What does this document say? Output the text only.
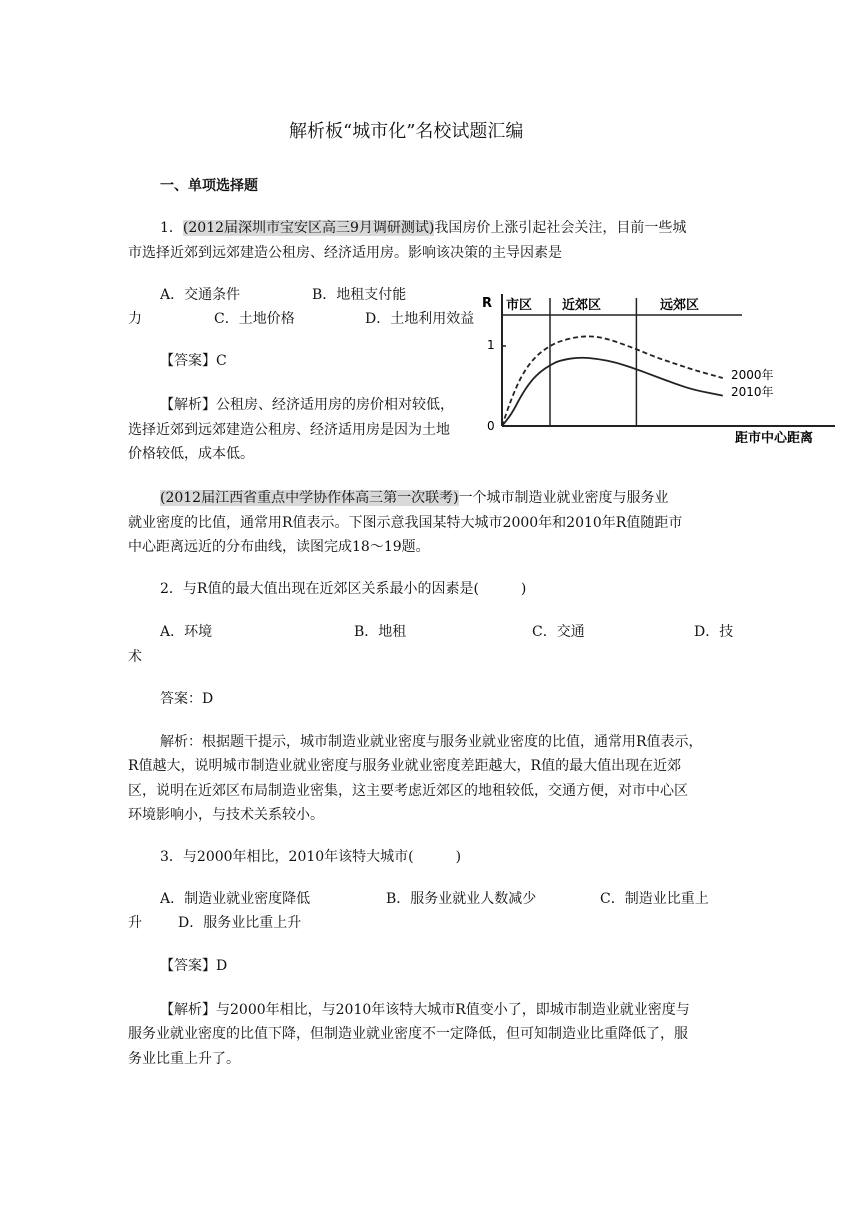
解析板“城市化”名校试题汇编
一、单项选择题
1．(2012届深圳市宝安区高三9月调研测试)我国房价上涨引起社会关注，目前一些城
市选择近郊到远郊建造公租房、经济适用房。影响该决策的主导因素是
A．交通条件	B．地租支付能
力	C．土地价格	D．土地利用效益
【答案】C
【解析】公租房、经济适用房的房价相对较低，
选择近郊到远郊建造公租房、经济适用房是因为土地
价格较低，成本低。
R 市区 近郊区	远郊区
1
0
距市中心距离
2000年
2010年
(2012届江西省重点中学协作体高三第一次联考)一个城市制造业就业密度与服务业
就业密度的比值，通常用R值表示。下图示意我国某特大城市2000年和2010年R值随距市
中心距离远近的分布曲线，读图完成18～19题。
2．与R值的最大值出现在近郊区关系最小的因素是(　　　)
A．环境	B．地租	C．交通	D．技
术
答案：D
解析：根据题干提示，城市制造业就业密度与服务业就业密度的比值，通常用R值表示，
R值越大，说明城市制造业就业密度与服务业就业密度差距越大，R值的最大值出现在近郊
区，说明在近郊区布局制造业密集，这主要考虑近郊区的地租较低，交通方便，对市中心区
环境影响小，与技术关系较小。
3．与2000年相比，2010年该特大城市(　　　)
A．制造业就业密度降低	B．服务业就业人数减少	C．制造业比重上
升	D．服务业比重上升
【答案】D
【解析】与2000年相比，与2010年该特大城市R值变小了，即城市制造业就业密度与
服务业就业密度的比值下降，但制造业就业密度不一定降低，但可知制造业比重降低了，服
务业比重上升了。
